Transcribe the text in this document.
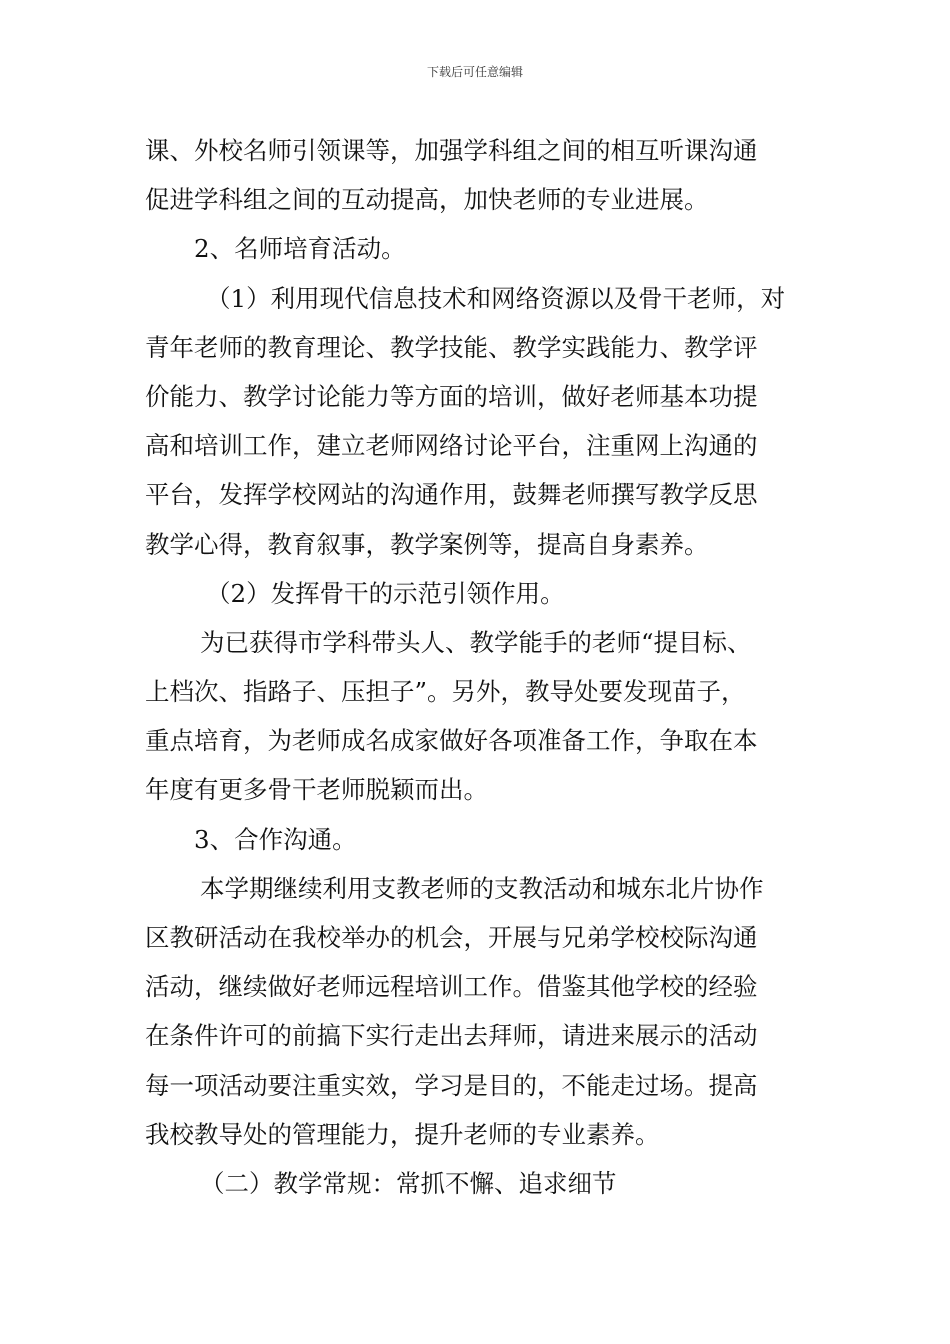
下载后可任意编辑
课、外校名师引领课等，加强学科组之间的相互听课沟通
促进学科组之间的互动提高，加快老师的专业进展。
2、名师培育活动。
（1）利用现代信息技术和网络资源以及骨干老师，对
青年老师的教育理论、教学技能、教学实践能力、教学评
价能力、教学讨论能力等方面的培训，做好老师基本功提
高和培训工作，建立老师网络讨论平台，注重网上沟通的
平台，发挥学校网站的沟通作用，鼓舞老师撰写教学反思
教学心得，教育叙事，教学案例等，提高自身素养。
（2）发挥骨干的示范引领作用。
为已获得市学科带头人、教学能手的老师“提目标、
上档次、指路子、压担子”。另外，教导处要发现苗子，
重点培育，为老师成名成家做好各项准备工作，争取在本
年度有更多骨干老师脱颖而出。
3、合作沟通。
本学期继续利用支教老师的支教活动和城东北片协作
区教研活动在我校举办的机会，开展与兄弟学校校际沟通
活动，继续做好老师远程培训工作。借鉴其他学校的经验
在条件许可的前搞下实行走出去拜师，请进来展示的活动
每一项活动要注重实效，学习是目的，不能走过场。提高
我校教导处的管理能力，提升老师的专业素养。
（二）教学常规：常抓不懈、追求细节
